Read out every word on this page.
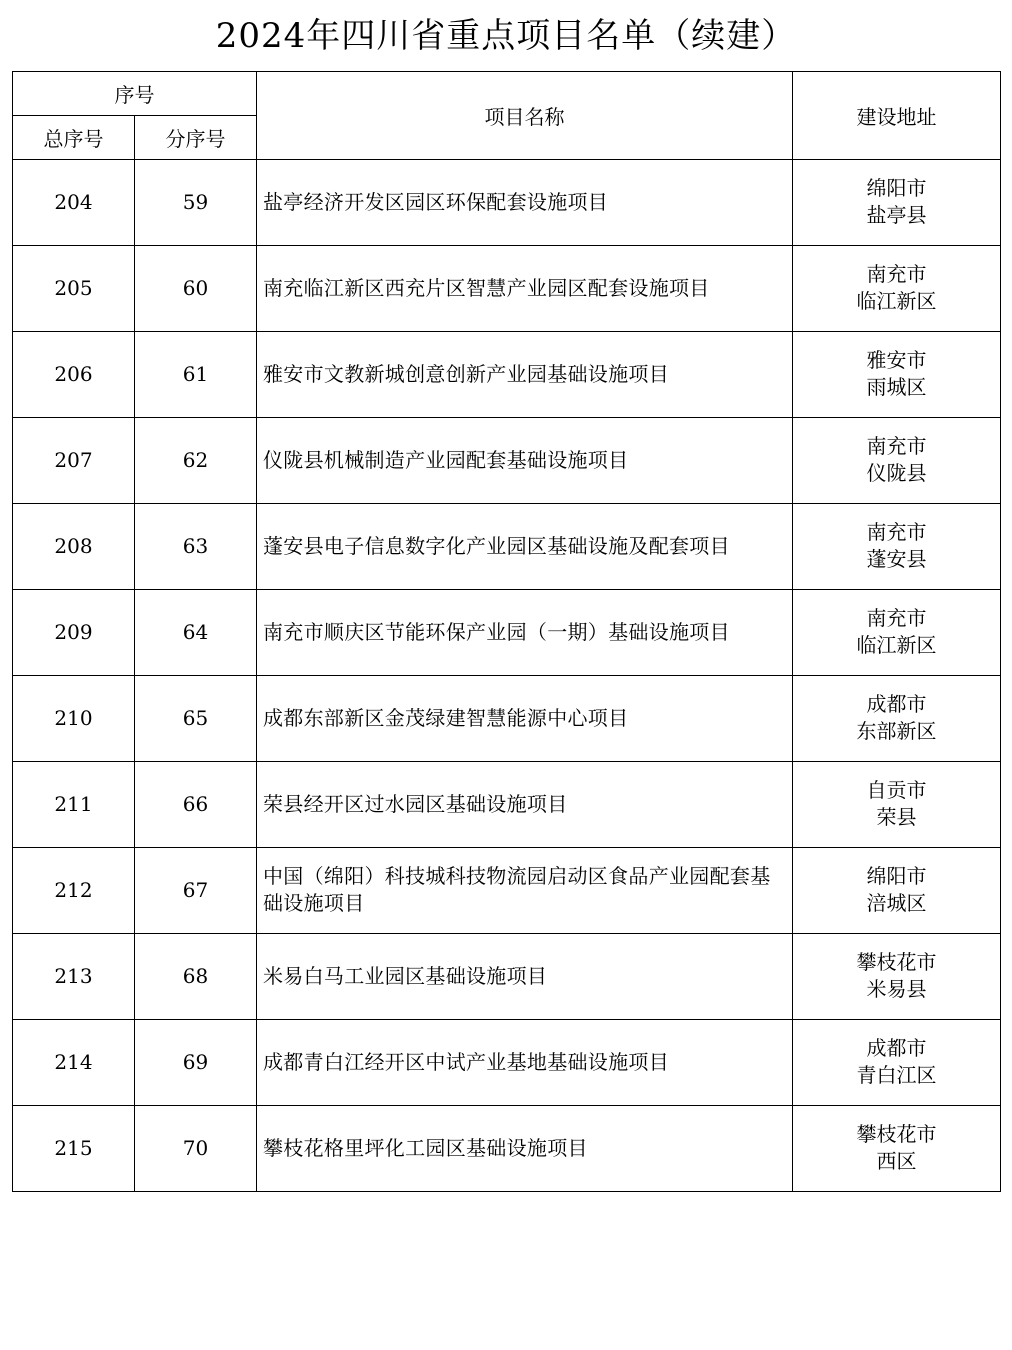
2024年四川省重点项目名单（续建）
序号		项目名称	建设地址
总序号	分序号		
204	59	盐亭经济开发区园区环保配套设施项目	绵阳市
盐亭县

205	60	南充临江新区西充片区智慧产业园区配套设施项目	南充市
临江新区

206	61	雅安市文教新城创意创新产业园基础设施项目	雅安市
雨城区

207	62	仪陇县机械制造产业园配套基础设施项目	南充市
仪陇县

208	63	蓬安县电子信息数字化产业园区基础设施及配套项目	南充市
蓬安县

209	64	南充市顺庆区节能环保产业园（一期）基础设施项目	南充市
临江新区

210	65	成都东部新区金茂绿建智慧能源中心项目	成都市
东部新区

211	66	荣县经开区过水园区基础设施项目	自贡市
荣县

212	67	中国（绵阳）科技城科技物流园启动区食品产业园配套基础设施项目	绵阳市
涪城区

213	68	米易白马工业园区基础设施项目	攀枝花市
米易县

214	69	成都青白江经开区中试产业基地基础设施项目	成都市
青白江区

215	70	攀枝花格里坪化工园区基础设施项目	攀枝花市
西区
